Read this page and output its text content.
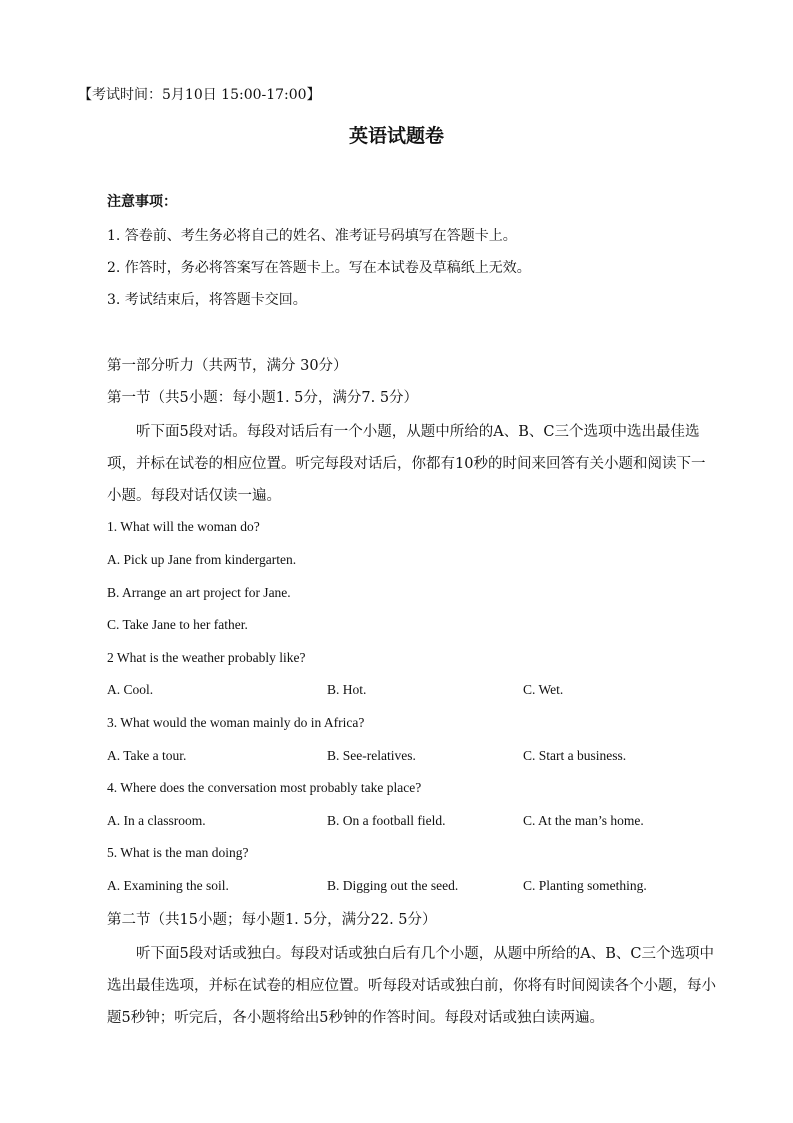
【考试时间：5月10日 15:00-17:00】
英语试题卷
注意事项：
1. 答卷前、考生务必将自己的姓名、准考证号码填写在答题卡上。
2. 作答时，务必将答案写在答题卡上。写在本试卷及草稿纸上无效。
3. 考试结束后，将答题卡交回。
第一部分听力（共两节，满分 30分）
第一节（共5小题：每小题1. 5分，满分7. 5分）
听下面5段对话。每段对话后有一个小题，从题中所给的A、B、C三个选项中选出最佳选项，并标在试卷的相应位置。听完每段对话后，你都有10秒的时间来回答有关小题和阅读下一小题。每段对话仅读一遍。
1. What will the woman do?
A. Pick up Jane from kindergarten.
B. Arrange an art project for Jane.
C. Take Jane to her father.
2 What is the weather probably like?
A. Cool.	B. Hot.	C. Wet.
3. What would the woman mainly do in Africa?
A. Take a tour.	B. See-relatives.	C. Start a business.
4. Where does the conversation most probably take place?
A. In a classroom.	B. On a football field.	C. At the man’s home.
5. What is the man doing?
A. Examining the soil.	B. Digging out the seed.	C. Planting something.
第二节（共15小题；每小题1. 5分，满分22. 5分）
听下面5段对话或独白。每段对话或独白后有几个小题，从题中所给的A、B、C三个选项中选出最佳选项，并标在试卷的相应位置。听每段对话或独白前，你将有时间阅读各个小题，每小题5秒钟；听完后，各小题将给出5秒钟的作答时间。每段对话或独白读两遍。
